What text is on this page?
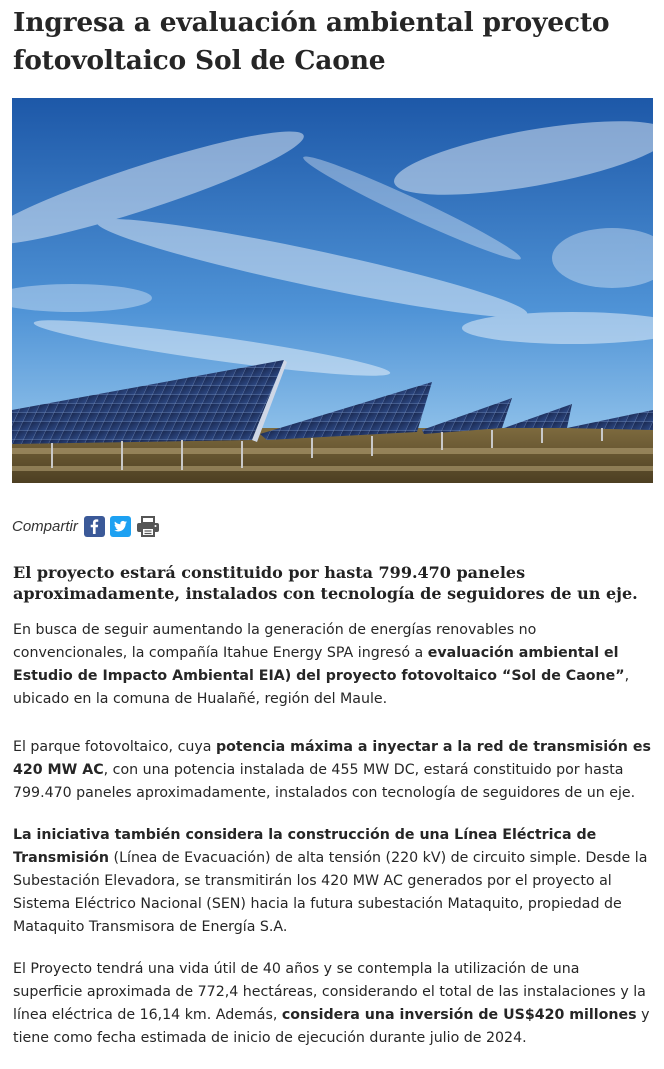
Ingresa a evaluación ambiental proyecto fotovoltaico Sol de Caone
Compartir
El proyecto estará constituido por hasta 799.470 paneles aproximadamente, instalados con tecnología de seguidores de un eje.

En busca de seguir aumentando la generación de energías renovables no convencionales, la compañía Itahue Energy SPA ingresó a evaluación ambiental el Estudio de Impacto Ambiental EIA) del proyecto fotovoltaico “Sol de Caone”, ubicado en la comuna de Hualañé, región del Maule.

El parque fotovoltaico, cuya potencia máxima a inyectar a la red de transmisión es 420 MW AC, con una potencia instalada de 455 MW DC, estará constituido por hasta 799.470 paneles aproximadamente, instalados con tecnología de seguidores de un eje.

La iniciativa también considera la construcción de una Línea Eléctrica de Transmisión (Línea de Evacuación) de alta tensión (220 kV) de circuito simple. Desde la Subestación Elevadora, se transmitirán los 420 MW AC generados por el proyecto al Sistema Eléctrico Nacional (SEN) hacia la futura subestación Mataquito, propiedad de Mataquito Transmisora de Energía S.A.

El Proyecto tendrá una vida útil de 40 años y se contempla la utilización de una superficie aproximada de 772,4 hectáreas, considerando el total de las instalaciones y la línea eléctrica de 16,14 km. Además, considera una inversión de US$420 millones y tiene como fecha estimada de inicio de ejecución durante julio de 2024.
